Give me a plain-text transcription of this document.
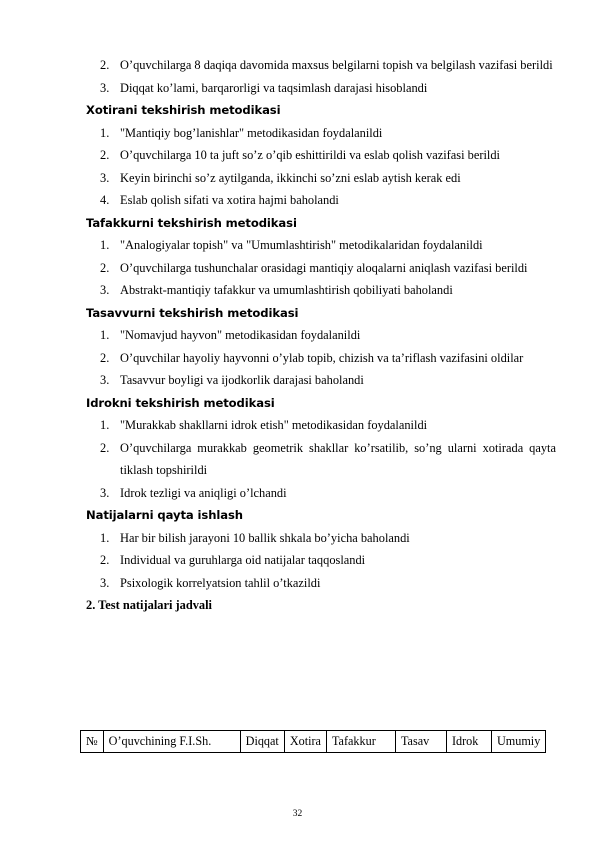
2. O’quvchilarga 8 daqiqa davomida maxsus belgilarni topish va belgilash vazifasi berildi
3. Diqqat ko’lami, barqarorligi va taqsimlash darajasi hisoblandi
Xotirani tekshirish metodikasi
1. "Mantiqiy bog’lanishlar" metodikasidan foydalanildi
2. O’quvchilarga 10 ta juft so’z o’qib eshittirildi va eslab qolish vazifasi berildi
3. Keyin birinchi so’z aytilganda, ikkinchi so’zni eslab aytish kerak edi
4. Eslab qolish sifati va xotira hajmi baholandi
Tafakkurni tekshirish metodikasi
1. "Analogiyalar topish" va "Umumlashtirish" metodikalaridan foydalanildi
2. O’quvchilarga tushunchalar orasidagi mantiqiy aloqalarni aniqlash vazifasi berildi
3. Abstrakt-mantiqiy tafakkur va umumlashtirish qobiliyati baholandi
Tasavvurni tekshirish metodikasi
1. "Nomavjud hayvon" metodikasidan foydalanildi
2. O’quvchilar hayoliy hayvonni o’ylab topib, chizish va ta’riflash vazifasini oldilar
3. Tasavvur boyligi va ijodkorlik darajasi baholandi
Idrokni tekshirish metodikasi
1. "Murakkab shakllarni idrok etish" metodikasidan foydalanildi
2. O’quvchilarga murakkab geometrik shakllar ko’rsatilib, so’ng ularni xotirada qayta tiklash topshirildi
3. Idrok tezligi va aniqligi o’lchandi
Natijalarni qayta ishlash
1. Har bir bilish jarayoni 10 ballik shkala bo’yicha baholandi
2. Individual va guruhlarga oid natijalar taqqoslandi
3. Psixologik korrelyatsion tahlil o’tkazildi
2. Test natijalari jadvali
№	O’quvchining F.I.Sh.	Diqqat	Xotira	Tafakkur	Tasav	Idrok	Umumiy
32
